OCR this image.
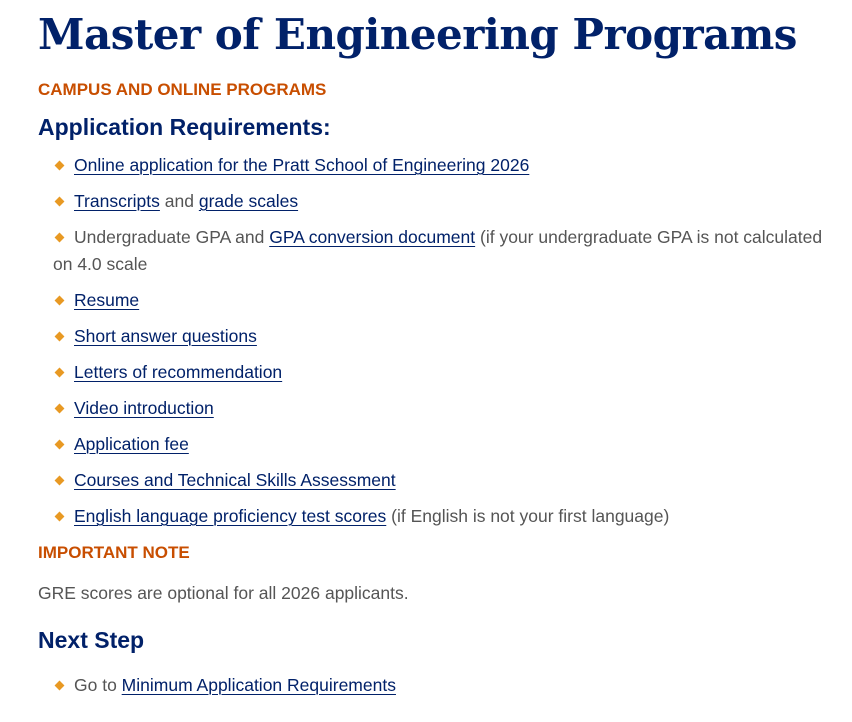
Master of Engineering Programs
CAMPUS AND ONLINE PROGRAMS
Application Requirements:
Online application for the Pratt School of Engineering 2026
Transcripts and grade scales
Undergraduate GPA and GPA conversion document (if your undergraduate GPA is not calculated on 4.0 scale
Resume
Short answer questions
Letters of recommendation
Video introduction
Application fee
Courses and Technical Skills Assessment
English language proficiency test scores (if English is not your first language)
IMPORTANT NOTE

GRE scores are optional for all 2026 applicants.

Next Step
Go to Minimum Application Requirements
